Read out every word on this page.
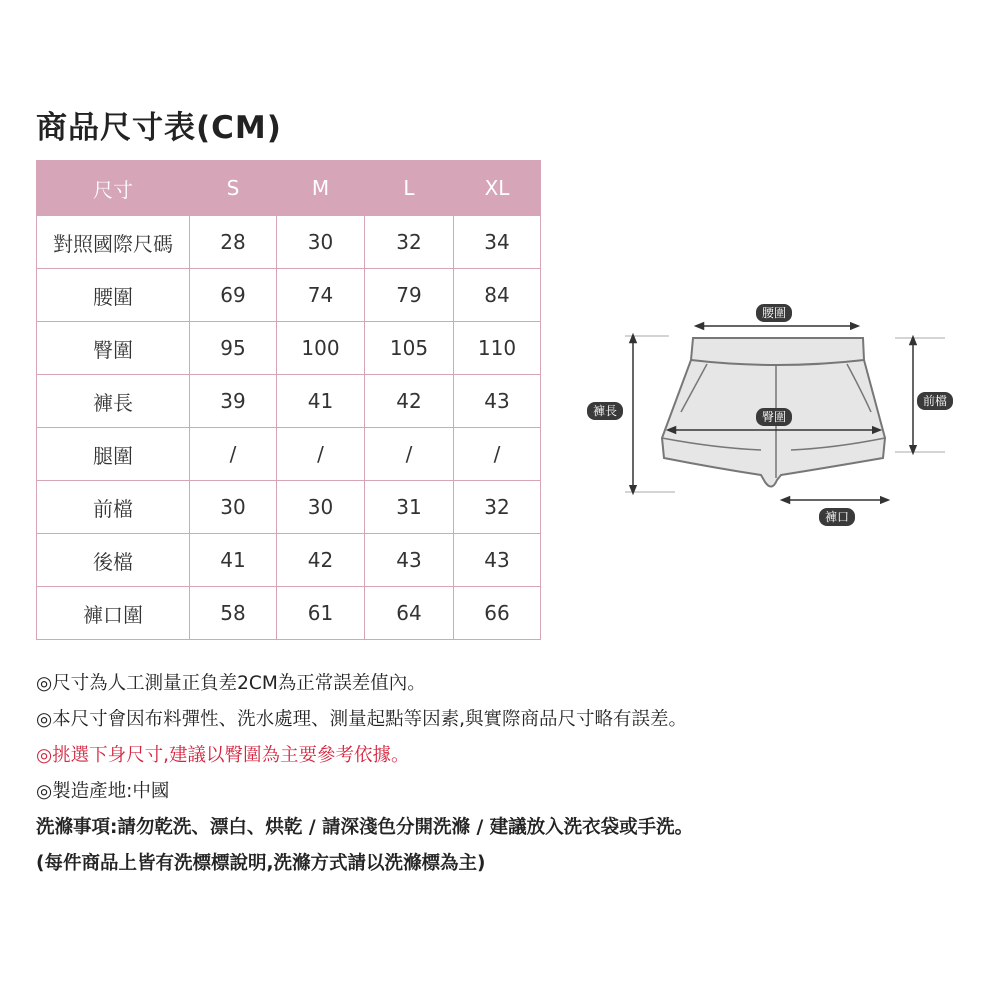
商品尺寸表(CM)
尺寸	S	M	L	XL
對照國際尺碼	28	30	32	34
腰圍	69	74	79	84
臀圍	95	100	105	110
褲長	39	41	42	43
腿圍	/	/	/	/
前檔	30	30	31	32
後檔	41	42	43	43
褲口圍	58	61	64	66
腰圍
臀圍
褲長
前檔
褲口
◎尺寸為人工測量正負差2CM為正常誤差值內。
◎本尺寸會因布料彈性、洗水處理、測量起點等因素,與實際商品尺寸略有誤差。
◎挑選下身尺寸,建議以臀圍為主要參考依據。
◎製造產地:中國
洗滌事項:請勿乾洗、漂白、烘乾 / 請深淺色分開洗滌 / 建議放入洗衣袋或手洗。
(每件商品上皆有洗標標說明,洗滌方式請以洗滌標為主)
